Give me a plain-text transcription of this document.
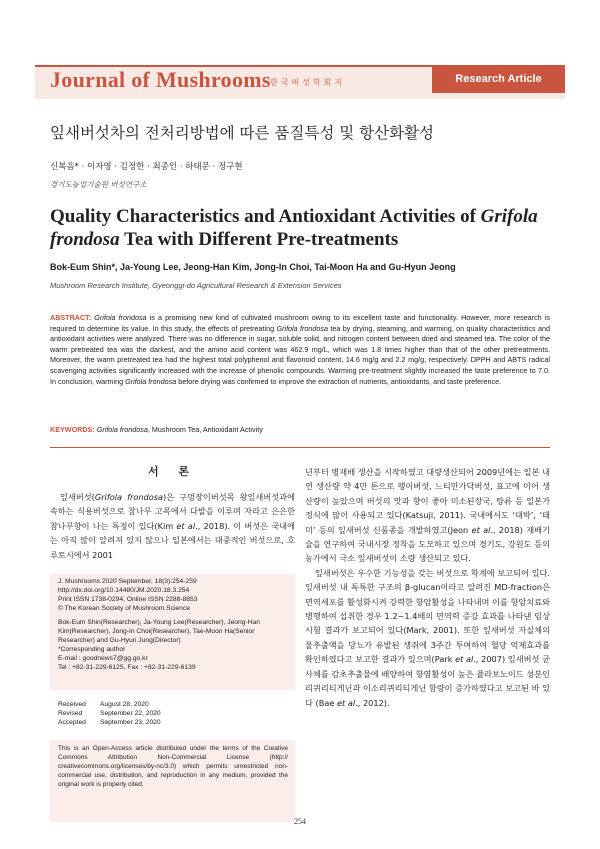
Journal of Mushrooms 한국버섯학회지	Research Article
잎새버섯차의 전처리방법에 따른 품질특성 및 항산화활성
신복음* · 이자영 · 김정한 · 최종인 · 하태문 · 정구현
경기도농업기술원 버섯연구소
Quality Characteristics and Antioxidant Activities of Grifola
frondosa Tea with Different Pre-treatments
Bok-Eum Shin*, Ja-Young Lee, Jeong-Han Kim, Jong-In Choi, Tai-Moon Ha and Gu-Hyun Jeong
Mushroom Research Institute, Gyeonggi-do Agricultural Research & Extension Services
ABSTRACT: Grifola frondosa is a promising new kind of cultivated mushroom owing to its excellent taste and functionality. However, more research is required to determine its value. In this study, the effects of pretreating Grifola frondosa tea by drying, steaming, and warming, on quality characteristics and antioxidant activities were analyzed. There was no difference in sugar, soluble solid, and nitrogen content between dried and steamed tea. The color of the warm pretreated tea was the darkest, and the amino acid content was 462.9 mg/L, which was 1.8 times higher than that of the other pretreatments. Moreover, the warm pretreated tea had the highest total polyphenol and flavonoid content, 14.6 mg/g and 2.2 mg/g, respectively. DPPH and ABTS radical scavenging activities significantly increased with the increase of phenolic compounds. Warming pre-treatment slightly increased the taste preference to 7.0. In conclusion, warming Grifola frondosa before drying was confirmed to improve the extraction of nutrients, antioxidants, and taste preference.
KEYWORDS: Grifola frondosa, Mushroom Tea, Antioxidant Activity
서 론

잎새버섯(Grifola frondosa)은 구멍장이버섯목 왕잎새버섯과에 속하는 식용버섯으로 참나무 고목에서 다발을 이루며 자라고 은은한 참나무향이 나는 특징이 있다(Kim et al., 2018). 이 버섯은 국내에는 아직 많이 알려져 있지 않으나 일본에서는 대중적인 버섯으로, 호루토시에서 2001

J. Mushrooms 2020 September, 18(3):254-259
http://dx.doi.org/10.14480/JM.2020.18.3.254
Print ISSN 1738-0294, Online ISSN 2288-8853
© The Korean Society of Mushroom Science
Bok-Eum Shin(Researcher), Ja-Young Lee(Researcher), Jeong-Han
Kim(Researcher), Jong-In Choi(Researcher), Tae-Moon Ha(Senior
Researcher) and Gu-Hyun Jung(Director)
*Corresponding author
E-mail : goodnews7@gg.go.kr
Tel : +82-31-229-6125, Fax : +82-31-229-6139
Received August 28, 2020
Revised	September 22, 2020
Accepted September 23, 2020
This is an Open-Access article distributed under the terms of the Creative Commons Attribution Non-Commercial License (http:// creativecommons.org/licenses/by-nc/3.0) which permits unrestricted non-commercial use, distribution, and reproduction in any medium, provided the original work is properly cited.

년부터 병재배 생산을 시작하였고 대량생산되어 2009년에는 일본 내 연 생산량 약 4만 톤으로 팽이버섯, 느티만가닥버섯, 표고에 이어 생산량이 높았으며 버섯의 맛과 향이 좋아 미소된장국, 탕류 등 일본가정식에 많이 사용되고 있다(Katsuji, 2011). 국내에서도 ‘대박’, ‘태미’ 등의 잎새버섯 신품종을 개발하였고(Jeon et al., 2018) 재배기술을 연구하여 국내시장 정착을 도모하고 있으며 경기도, 강원도 등의 농가에서 극소 잎새버섯이 소량 생산되고 있다.

잎새버섯은 우수한 기능성을 갖는 버섯으로 학계에 보고되어 있다. 잎새버섯 내 독특한 구조의 β-glucan이라고 알려진 MD-fraction은 면역세포를 활성화시켜 강력한 항암활성을 나타내며 이를 항암치료와 병행하여 섭취한 경우 1.2~1.4배의 면역력 증강 효과를 나타낸 임상시험 결과가 보고되어 있다(Mark, 2001). 또한 잎새버섯 자실체의 물추출액을 당뇨가 유발된 생쥐에 3주간 투여하여 혈당 억제효과를 확인하였다고 보고한 결과가 있으며(Park et al., 2007) 잎새버섯 균사체를 감초추출물에 배양하여 항염활성이 높은 플라보노이드 성분인 리퀴리티게닌과 이소리퀴리티게닌 함량이 증가하였다고 보고된 바 있다 (Bae et al., 2012).

254
